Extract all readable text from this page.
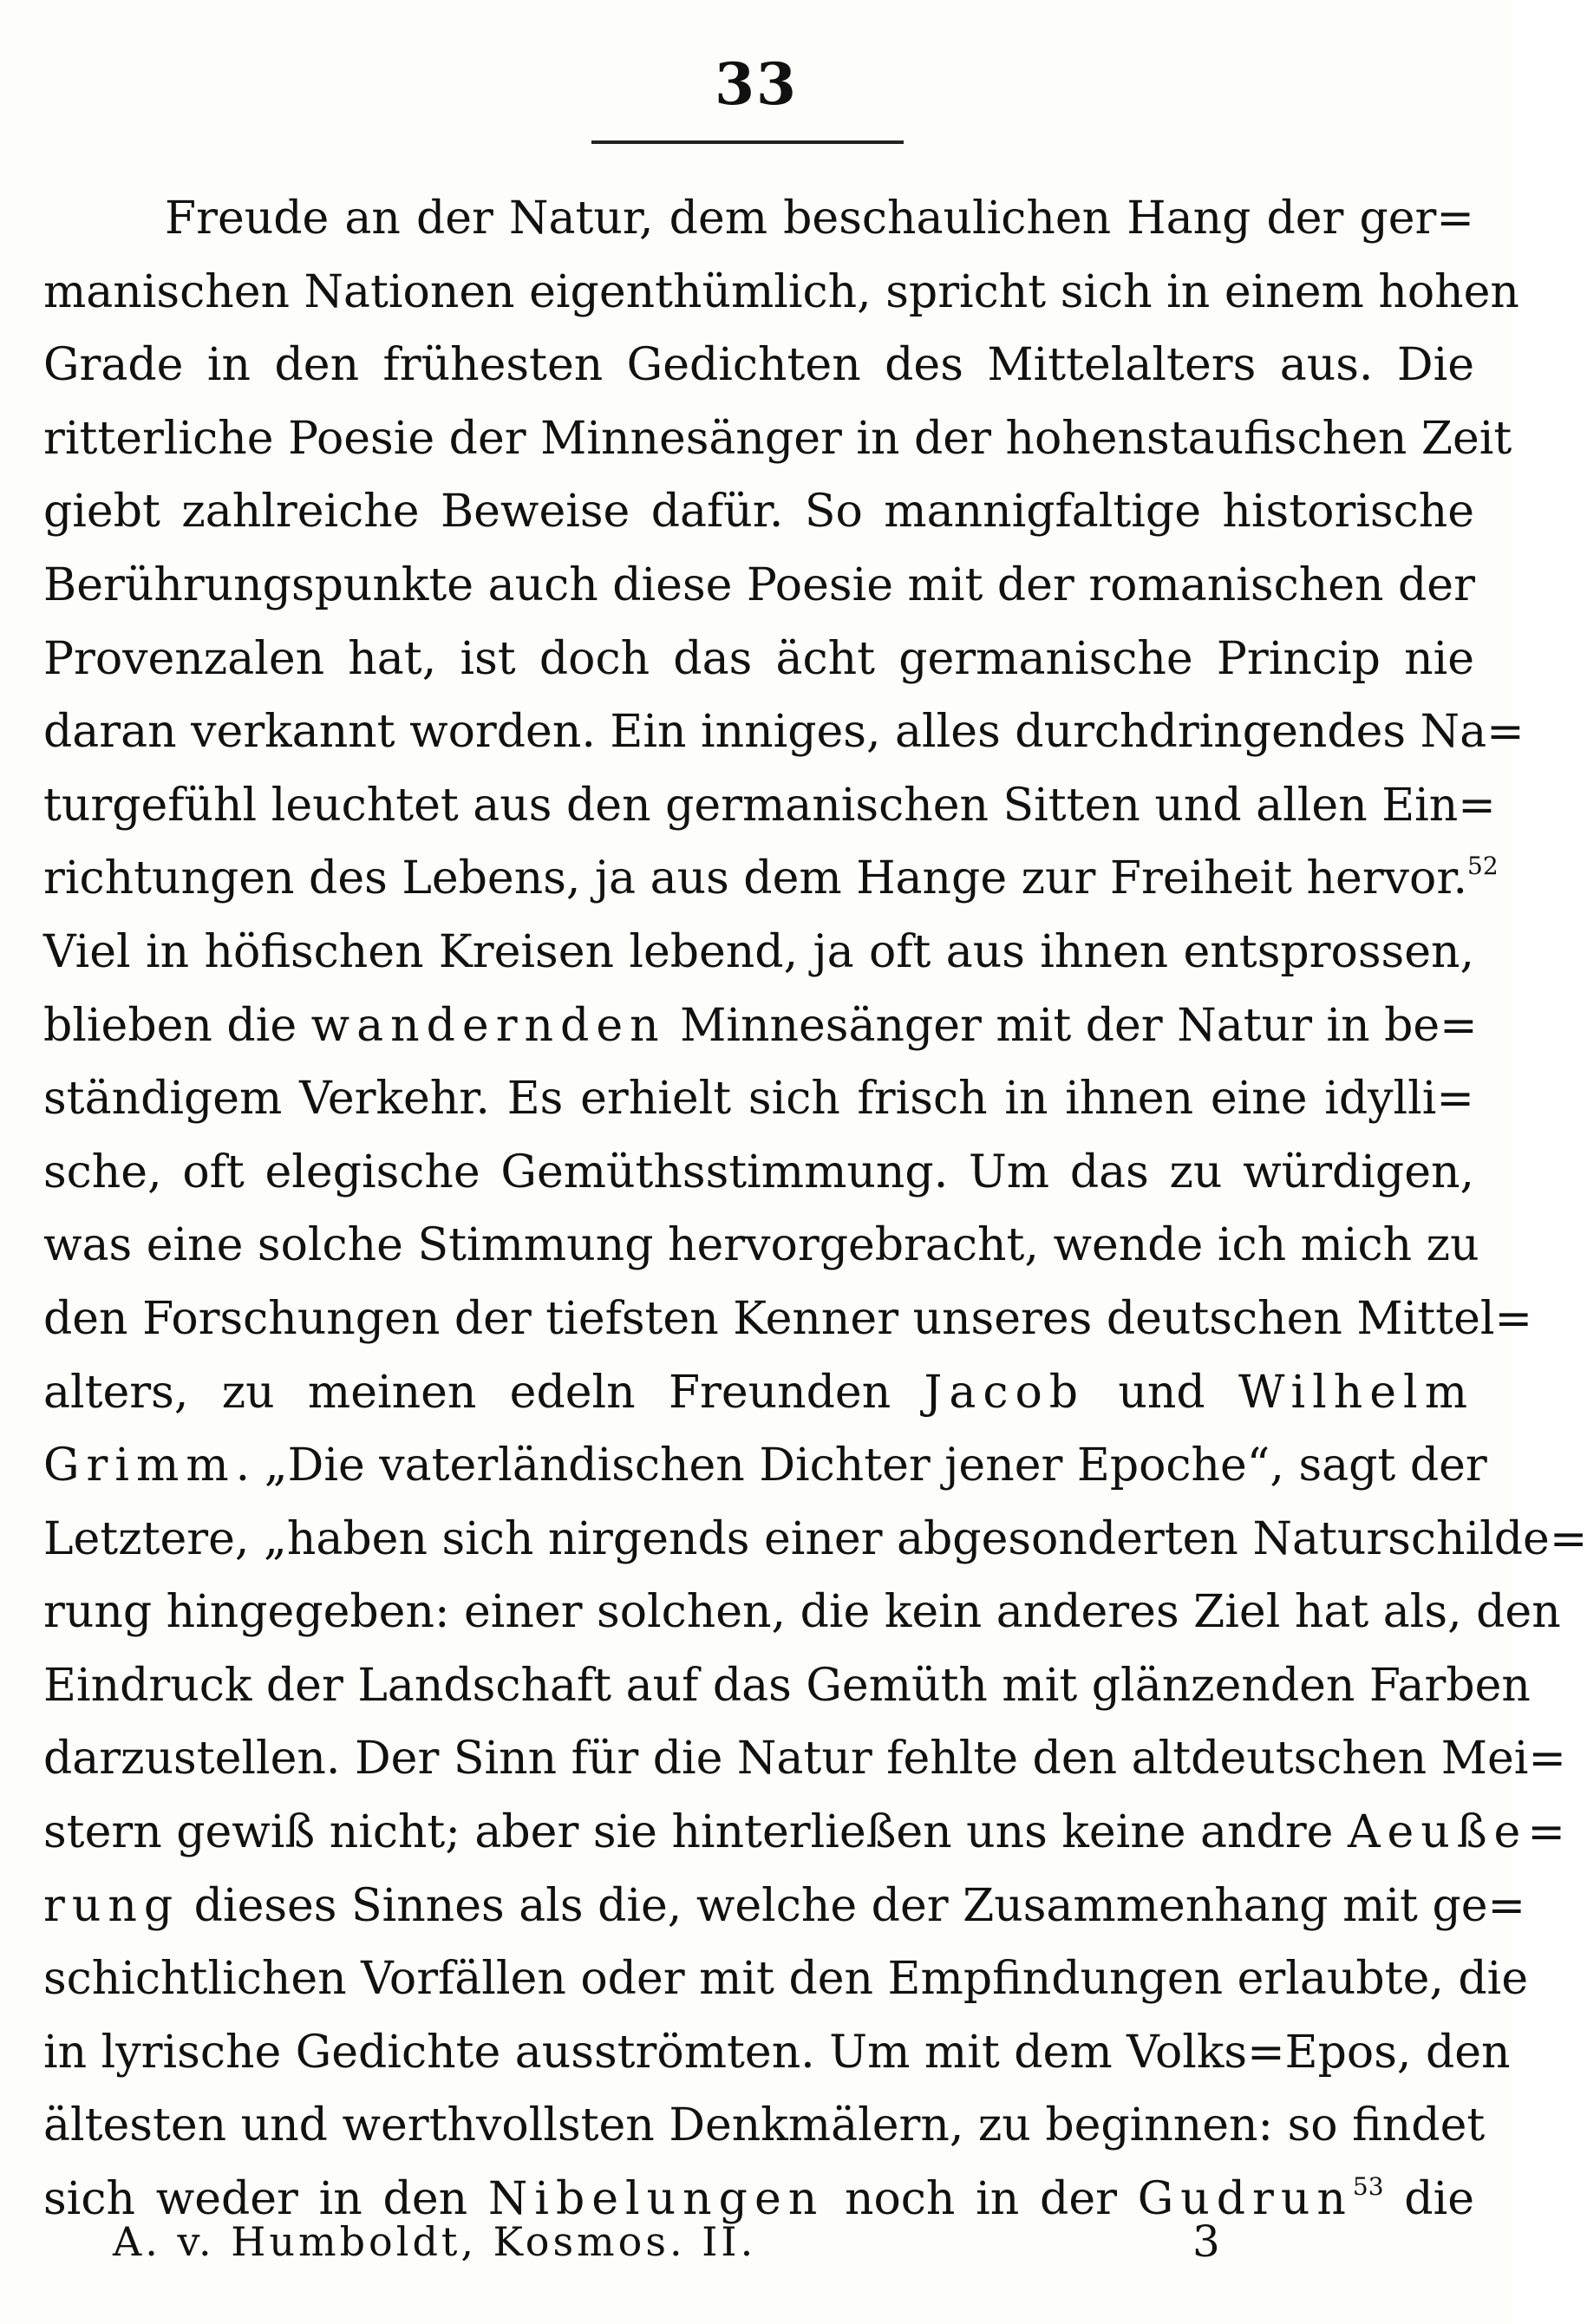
33
Freude an der Natur, dem beschaulichen Hang der ger=
manischen Nationen eigenthümlich, spricht sich in einem hohen
Grade in den frühesten Gedichten des Mittelalters aus. Die
ritterliche Poesie der Minnesänger in der hohenstaufischen Zeit
giebt zahlreiche Beweise dafür. So mannigfaltige historische
Berührungspunkte auch diese Poesie mit der romanischen der
Provenzalen hat, ist doch das ächt germanische Princip nie
daran verkannt worden. Ein inniges, alles durchdringendes Na=
turgefühl leuchtet aus den germanischen Sitten und allen Ein=
richtungen des Lebens, ja aus dem Hange zur Freiheit hervor.$^{52}$
Viel in höfischen Kreisen lebend, ja oft aus ihnen entsprossen,
blieben die wandernden Minnesänger mit der Natur in be=
ständigem Verkehr. Es erhielt sich frisch in ihnen eine idylli=
sche, oft elegische Gemüthsstimmung. Um das zu würdigen,
was eine solche Stimmung hervorgebracht, wende ich mich zu
den Forschungen der tiefsten Kenner unseres deutschen Mittel=
alters, zu meinen edeln Freunden Jacob und Wilhelm
Grimm. „Die vaterländischen Dichter jener Epoche“, sagt der
Letztere, „haben sich nirgends einer abgesonderten Naturschilde=
rung hingegeben: einer solchen, die kein anderes Ziel hat als, den
Eindruck der Landschaft auf das Gemüth mit glänzenden Farben
darzustellen. Der Sinn für die Natur fehlte den altdeutschen Mei=
stern gewiß nicht; aber sie hinterließen uns keine andre Aeuße=
rung dieses Sinnes als die, welche der Zusammenhang mit ge=
schichtlichen Vorfällen oder mit den Empfindungen erlaubte, die
in lyrische Gedichte ausströmten. Um mit dem Volks=Epos, den
ältesten und werthvollsten Denkmälern, zu beginnen: so findet
sich weder in den Nibelungen noch in der Gudrun$^{53}$ die
A. v. Humboldt, Kosmos. II.	3
